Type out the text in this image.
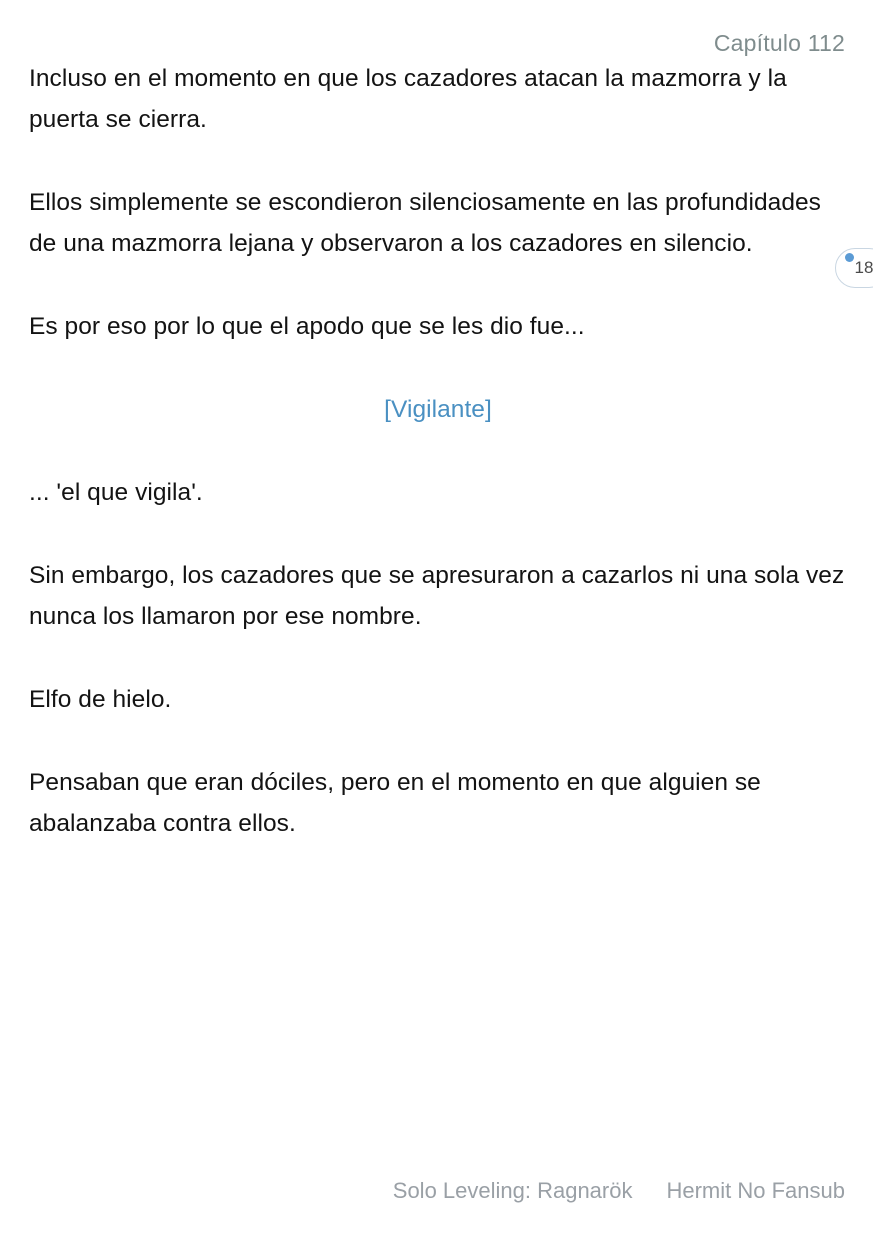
Capítulo 112

Incluso en el momento en que los cazadores atacan la mazmorra y la puerta se cierra.

Ellos simplemente se escondieron silenciosamente en las profundidades de una mazmorra lejana y observaron a los cazadores en silencio.

Es por eso por lo que el apodo que se les dio fue...

[Vigilante]

... 'el que vigila'.

Sin embargo, los cazadores que se apresuraron a cazarlos ni una sola vez nunca los llamaron por ese nombre.

Elfo de hielo.

Pensaban que eran dóciles, pero en el momento en que alguien se abalanzaba contra ellos.

18
Solo Leveling: Ragnarök Hermit No Fansub
